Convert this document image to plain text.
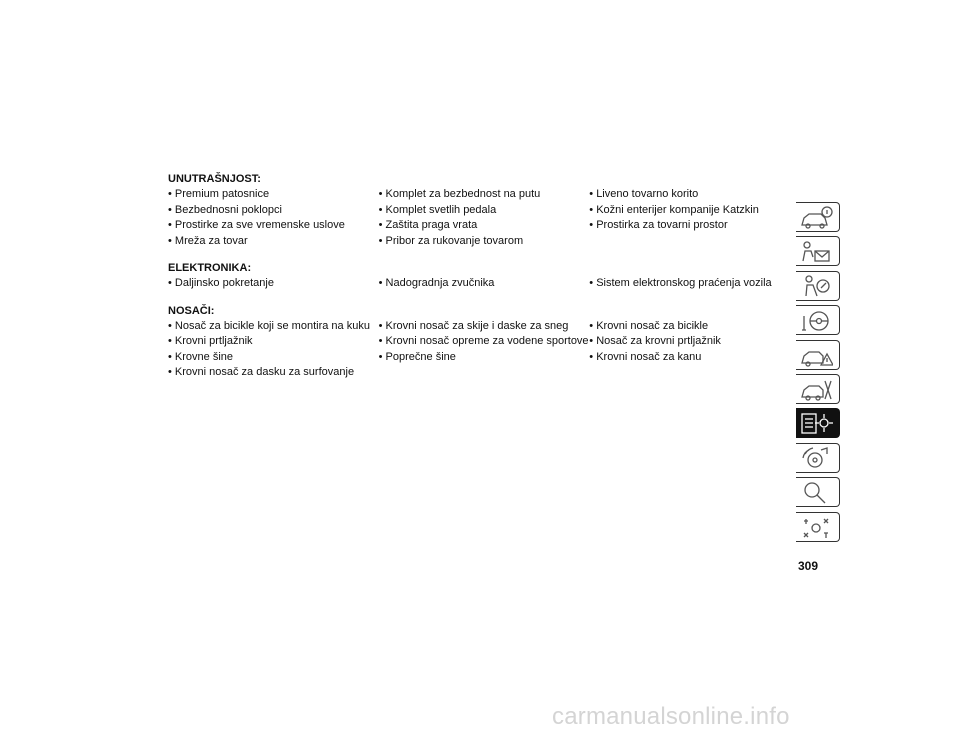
UNUTRAŠNJOST:
• Premium patosnice	• Komplet za bezbednost na putu	• Liveno tovarno korito
• Bezbednosni poklopci	• Komplet svetlih pedala	• Kožni enterijer kompanije Katzkin
• Prostirke za sve vremenske uslove	• Zaštita praga vrata	• Prostirka za tovarni prostor
• Mreža za tovar	• Pribor za rukovanje tovarom
ELEKTRONIKA:
• Daljinsko pokretanje	• Nadogradnja zvučnika	• Sistem elektronskog praćenja vozila
NOSAČI:
• Nosač za bicikle koji se montira na kuku • Krovni nosač za skije i daske za sneg	• Krovni nosač za bicikle
• Krovni prtljažnik	• Krovni nosač opreme za vodene sportove • Nosač za krovni prtljažnik
• Krovne šine	• Poprečne šine	• Krovni nosač za kanu
• Krovni nosač za dasku za surfovanje
309
carmanualsonline.info
